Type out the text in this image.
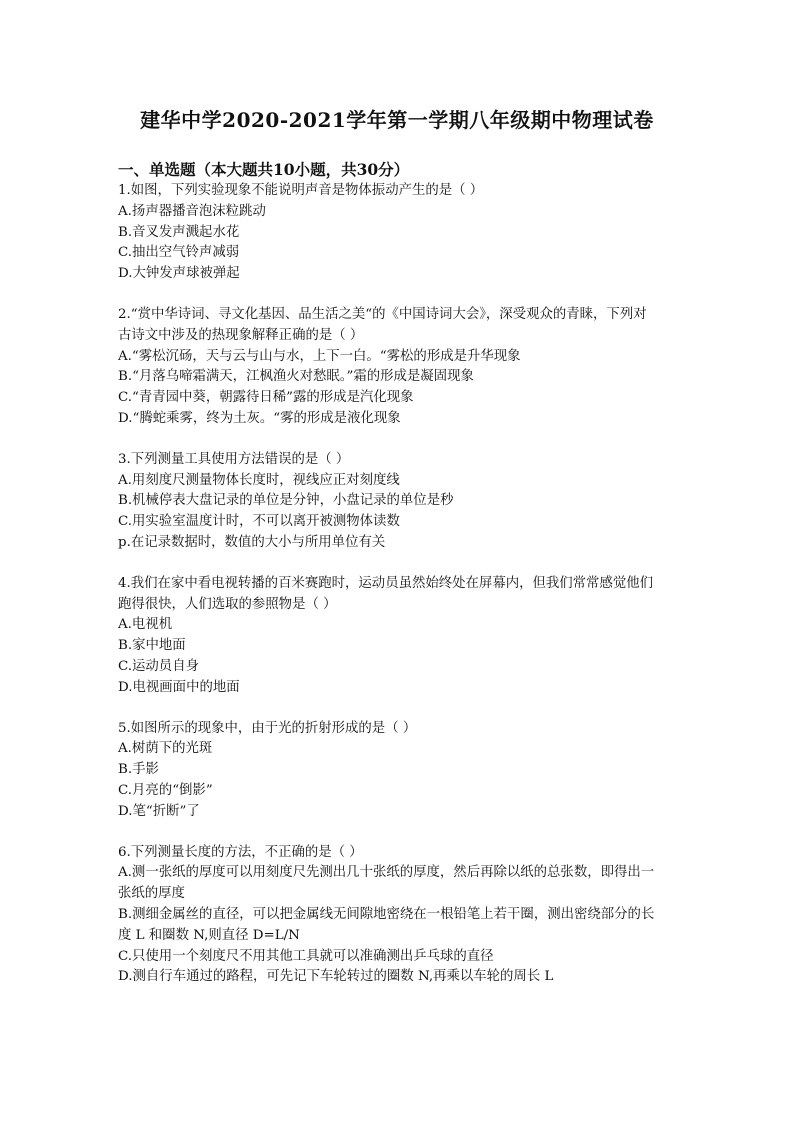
建华中学2020-2021学年第一学期八年级期中物理试卷
一、单选题（本大题共10小题，共30分）
1.如图，下列实验现象不能说明声音是物体振动产生的是（ ）
A.扬声器播音泡沫粒跳动
B.音叉发声溅起水花
C.抽出空气铃声减弱
D.大钟发声球被弹起
2.“赏中华诗词、寻文化基因、品生活之美“的《中国诗词大会》，深受观众的青睐，下列对
古诗文中涉及的热现象解释正确的是（ ）
A.“雾松沉砀，天与云与山与水，上下一白。“雾松的形成是升华现象
B.“月落乌啼霜满天，江枫渔火对愁眠。”霜的形成是凝固现象
C.“青青园中葵，朝露待日稀”露的形成是汽化现象
D.“腾蛇乘雾，终为土灰。“雾的形成是液化现象
3.下列测量工具使用方法错误的是（ ）
A.用刻度尺测量物体长度时，视线应正对刻度线
B.机械停表大盘记录的单位是分钟，小盘记录的单位是秒
C.用实验室温度计时，不可以离开被测物体读数
p.在记录数据时，数值的大小与所用单位有关
4.我们在家中看电视转播的百米赛跑时，运动员虽然始终处在屏幕内，但我们常常感觉他们
跑得很快，人们选取的参照物是（ ）
A.电视机
B.家中地面
C.运动员自身
D.电视画面中的地面
5.如图所示的现象中，由于光的折射形成的是（ ）
A.树荫下的光斑
B.手影
C.月亮的“倒影”
D.笔“折断”了
6.下列测量长度的方法，不正确的是（ ）
A.测一张纸的厚度可以用刻度尺先测出几十张纸的厚度，然后再除以纸的总张数，即得出一
张纸的厚度
B.测细金属丝的直径，可以把金属线无间隙地密绕在一根铅笔上若干圈，测出密绕部分的长
度 L 和圈数 N,则直径 D=L/N
C.只使用一个刻度尺不用其他工具就可以准确测出乒乓球的直径
D.测自行车通过的路程，可先记下车轮转过的圈数 N,再乘以车轮的周长 L
